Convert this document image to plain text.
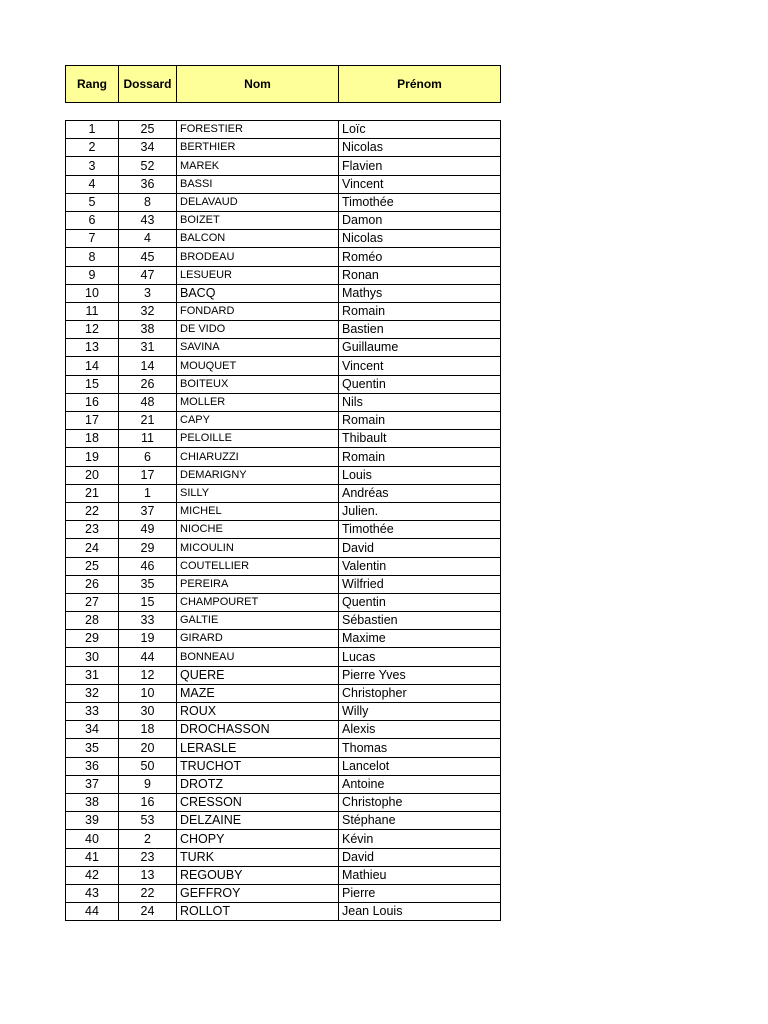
Rang	Dossard	Nom	Prénom
1	25	FORESTIER	Loïc
2	34	BERTHIER	Nicolas
3	52	MAREK	Flavien
4	36	BASSI	Vincent
5	8	DELAVAUD	Timothée
6	43	BOIZET	Damon
7	4	BALCON	Nicolas
8	45	BRODEAU	Roméo
9	47	LESUEUR	Ronan
10	3	BACQ	Mathys
11	32	FONDARD	Romain
12	38	DE VIDO	Bastien
13	31	SAVINA	Guillaume
14	14	MOUQUET	Vincent
15	26	BOITEUX	Quentin
16	48	MOLLER	Nils
17	21	CAPY	Romain
18	11	PELOILLE	Thibault
19	6	CHIARUZZI	Romain
20	17	DEMARIGNY	Louis
21	1	SILLY	Andréas
22	37	MICHEL	Julien.
23	49	NIOCHE	Timothée
24	29	MICOULIN	David
25	46	COUTELLIER	Valentin
26	35	PEREIRA	Wilfried
27	15	CHAMPOURET	Quentin
28	33	GALTIE	Sébastien
29	19	GIRARD	Maxime
30	44	BONNEAU	Lucas
31	12	QUERE	Pierre Yves
32	10	MAZE	Christopher
33	30	ROUX	Willy
34	18	DROCHASSON	Alexis
35	20	LERASLE	Thomas
36	50	TRUCHOT	Lancelot
37	9	DROTZ	Antoine
38	16	CRESSON	Christophe
39	53	DELZAINE	Stéphane
40	2	CHOPY	Kévin
41	23	TURK	David
42	13	REGOUBY	Mathieu
43	22	GEFFROY	Pierre
44	24	ROLLOT	Jean Louis
